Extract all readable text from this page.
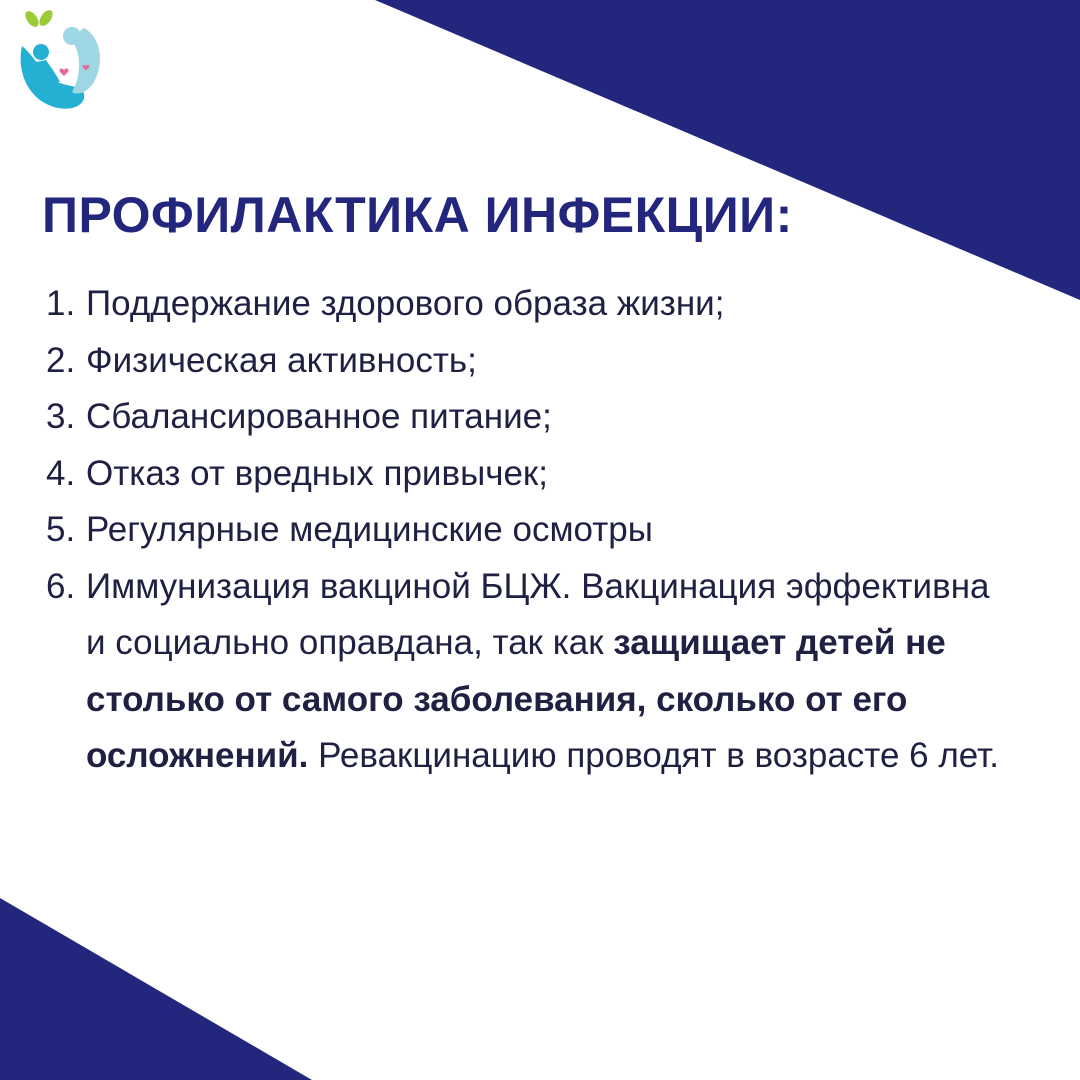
ПРОФИЛАКТИКА ИНФЕКЦИИ:
1. Поддержание здорового образа жизни;
2. Физическая активность;
3. Сбалансированное питание;
4. Отказ от вредных привычек;
5. Регулярные медицинские осмотры
6. Иммунизация вакциной БЦЖ. Вакцинация эффективна и социально оправдана, так как защищает детей не столько от самого заболевания, сколько от его осложнений. Ревакцинацию проводят в возрасте 6 лет.
